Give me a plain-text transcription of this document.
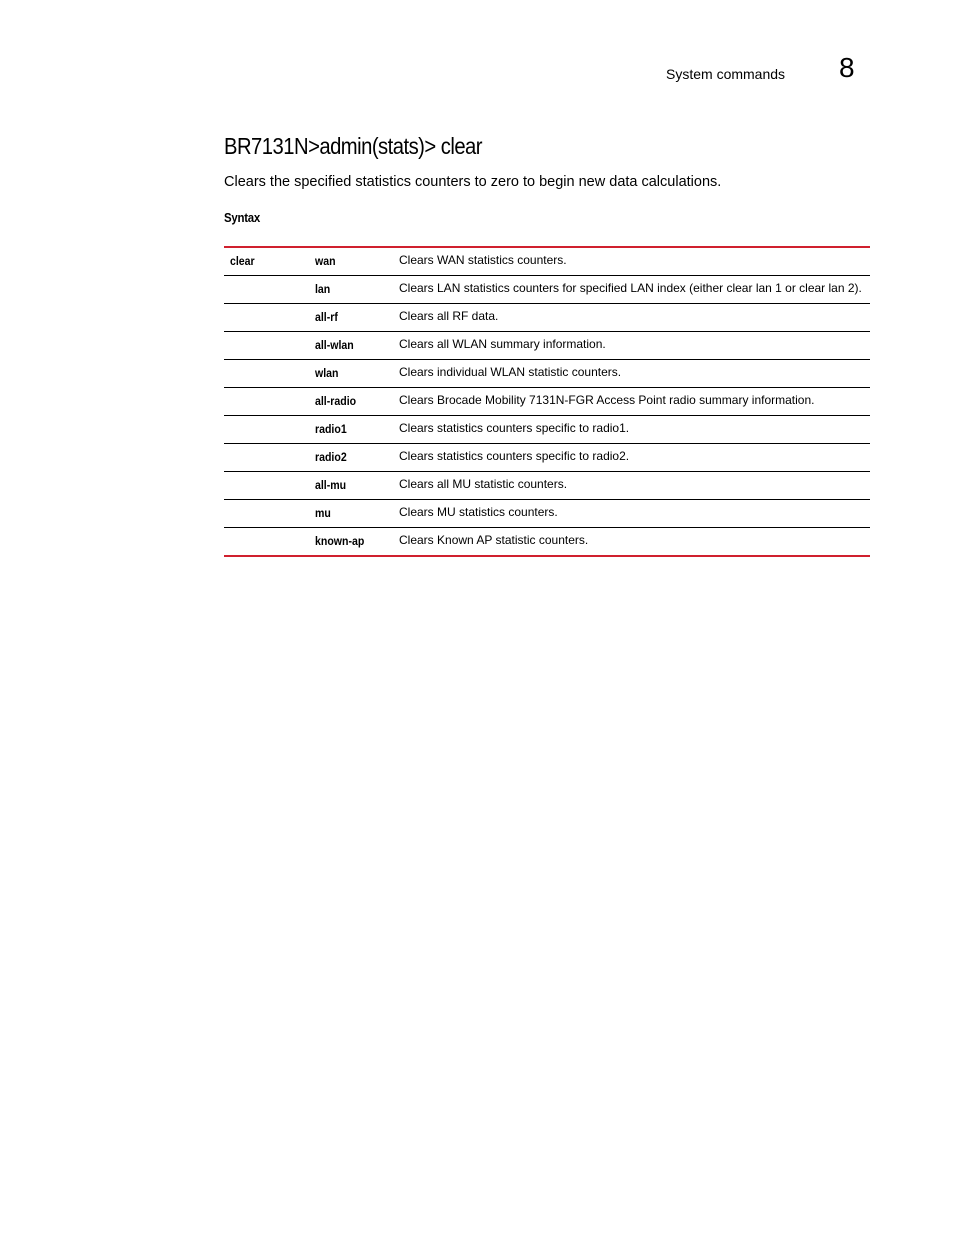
System commands 8
BR7131N>admin(stats)> clear

Clears the specified statistics counters to zero to begin new data calculations.

Syntax
clear	wan	Clears WAN statistics counters.
	lan	Clears LAN statistics counters for specified LAN index (either clear lan 1 or clear lan 2).
	all-rf	Clears all RF data.
	all-wlan	Clears all WLAN summary information.
	wlan	Clears individual WLAN statistic counters.
	all-radio	Clears Brocade Mobility 7131N-FGR Access Point radio summary information.
	radio1	Clears statistics counters specific to radio1.
	radio2	Clears statistics counters specific to radio2.
	all-mu	Clears all MU statistic counters.
	mu	Clears MU statistics counters.
	known-ap	Clears Known AP statistic counters.
